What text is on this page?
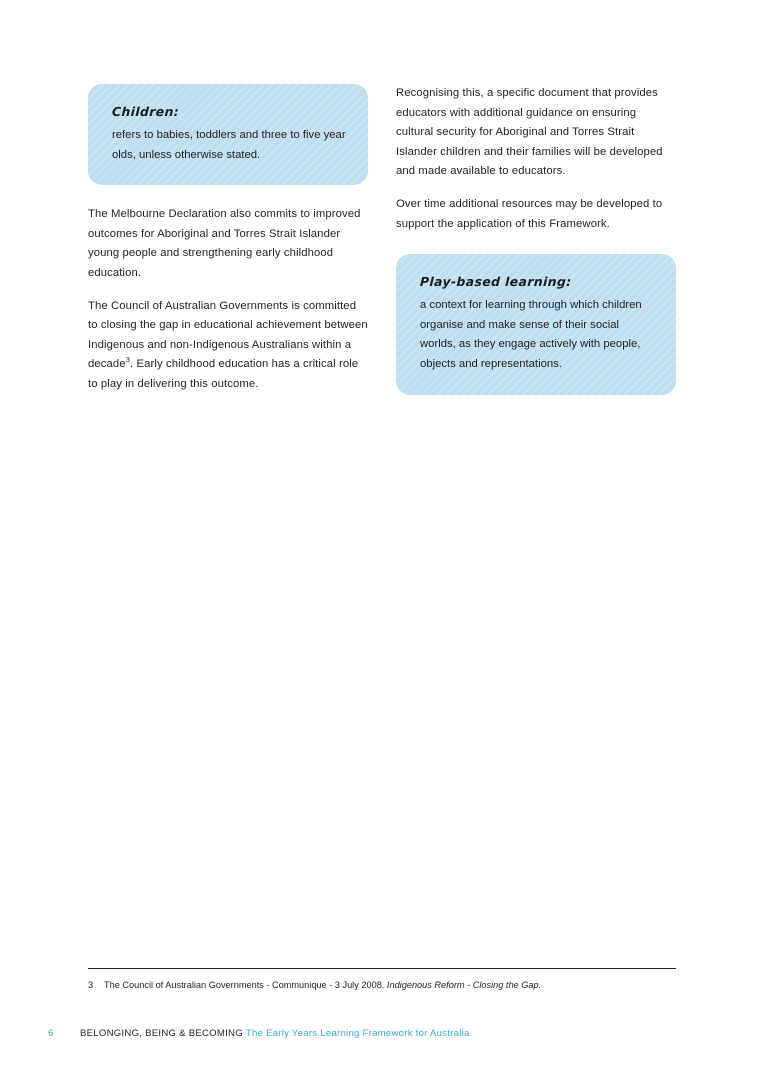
Children:

refers to babies, toddlers and three to five year olds, unless otherwise stated.

The Melbourne Declaration also commits to improved outcomes for Aboriginal and Torres Strait Islander young people and strengthening early childhood education.

The Council of Australian Governments is committed to closing the gap in educational achievement between Indigenous and non-Indigenous Australians within a decade$^3$. Early childhood education has a critical role to play in delivering this outcome.

Recognising this, a specific document that provides educators with additional guidance on ensuring cultural security for Aboriginal and Torres Strait Islander children and their families will be developed and made available to educators.

Over time additional resources may be developed to support the application of this Framework.

Play-based learning:

a context for learning through which children organise and make sense of their social worlds, as they engage actively with people, objects and representations.

3 The Council of Australian Governments - Communique - 3 July 2008. Indigenous Reform - Closing the Gap.
6	BELONGING, BEING & BECOMING The Early Years Learning Framework for Australia
